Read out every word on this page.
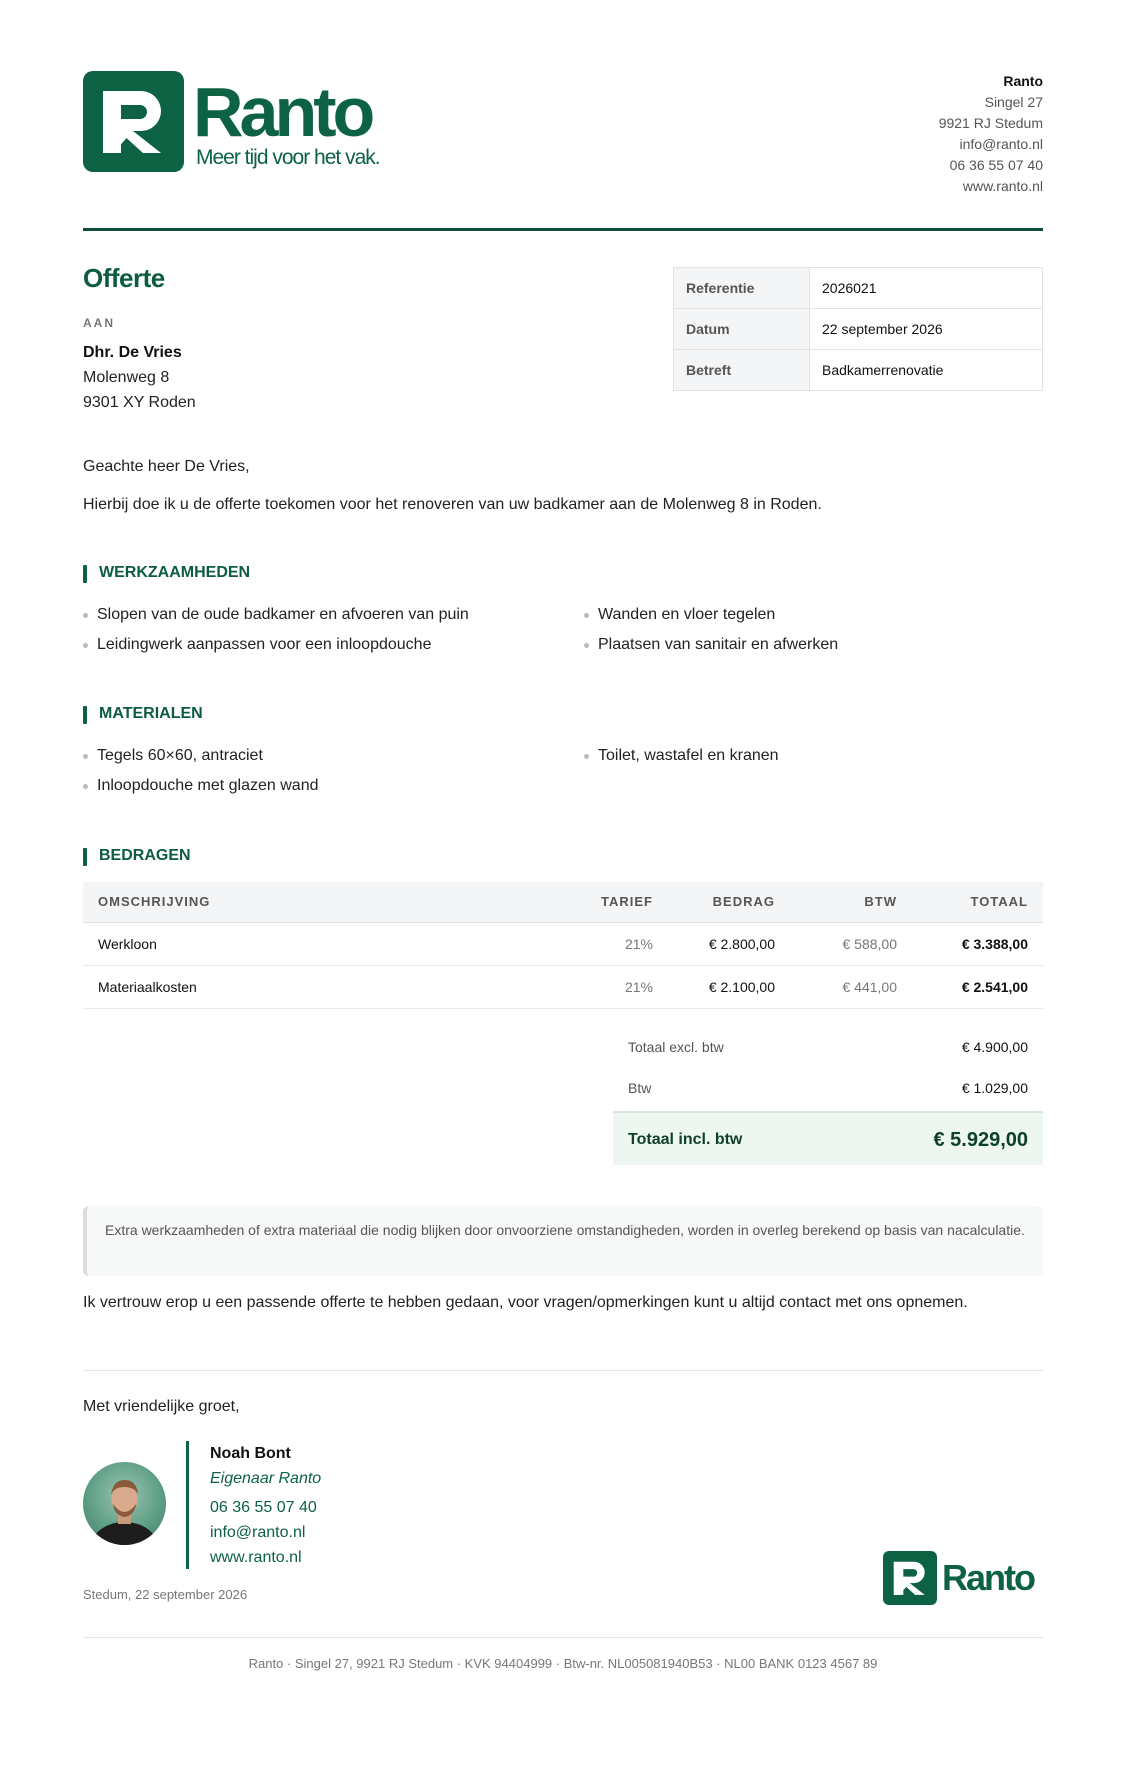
Ranto
Meer tijd voor het vak.
Ranto
Singel 27
9921 RJ Stedum
info@ranto.nl
06 36 55 07 40
www.ranto.nl
Offerte
AAN
Dhr. De Vries
Molenweg 8
9301 XY Roden
Referentie	2026021
Datum	22 september 2026
Betreft	Badkamerrenovatie
Geachte heer De Vries,
Hierbij doe ik u de offerte toekomen voor het renoveren van uw badkamer aan de Molenweg 8 in Roden.
WERKZAAMHEDEN
Slopen van de oude badkamer en afvoeren van puin
Leidingwerk aanpassen voor een inloopdouche
Wanden en vloer tegelen
Plaatsen van sanitair en afwerken
MATERIALEN
Tegels 60×60, antraciet
Inloopdouche met glazen wand
Toilet, wastafel en kranen
BEDRAGEN
OMSCHRIJVING	TARIEF	BEDRAG	BTW	TOTAAL
Werkloon	21%	€ 2.800,00	€ 588,00	€ 3.388,00
Materiaalkosten	21%	€ 2.100,00	€ 441,00	€ 2.541,00
Totaal excl. btw	€ 4.900,00
Btw	€ 1.029,00
Totaal incl. btw	€ 5.929,00
Extra werkzaamheden of extra materiaal die nodig blijken door onvoorziene omstandigheden, worden in overleg berekend op basis van nacalculatie.
Ik vertrouw erop u een passende offerte te hebben gedaan, voor vragen/opmerkingen kunt u altijd contact met ons opnemen.
Met vriendelijke groet,
Noah Bont
Eigenaar Ranto
06 36 55 07 40
info@ranto.nl
www.ranto.nl
Stedum, 22 september 2026	Ranto
Ranto · Singel 27, 9921 RJ Stedum · KVK 94404999 · Btw-nr. NL005081940B53 · NL00 BANK 0123 4567 89
